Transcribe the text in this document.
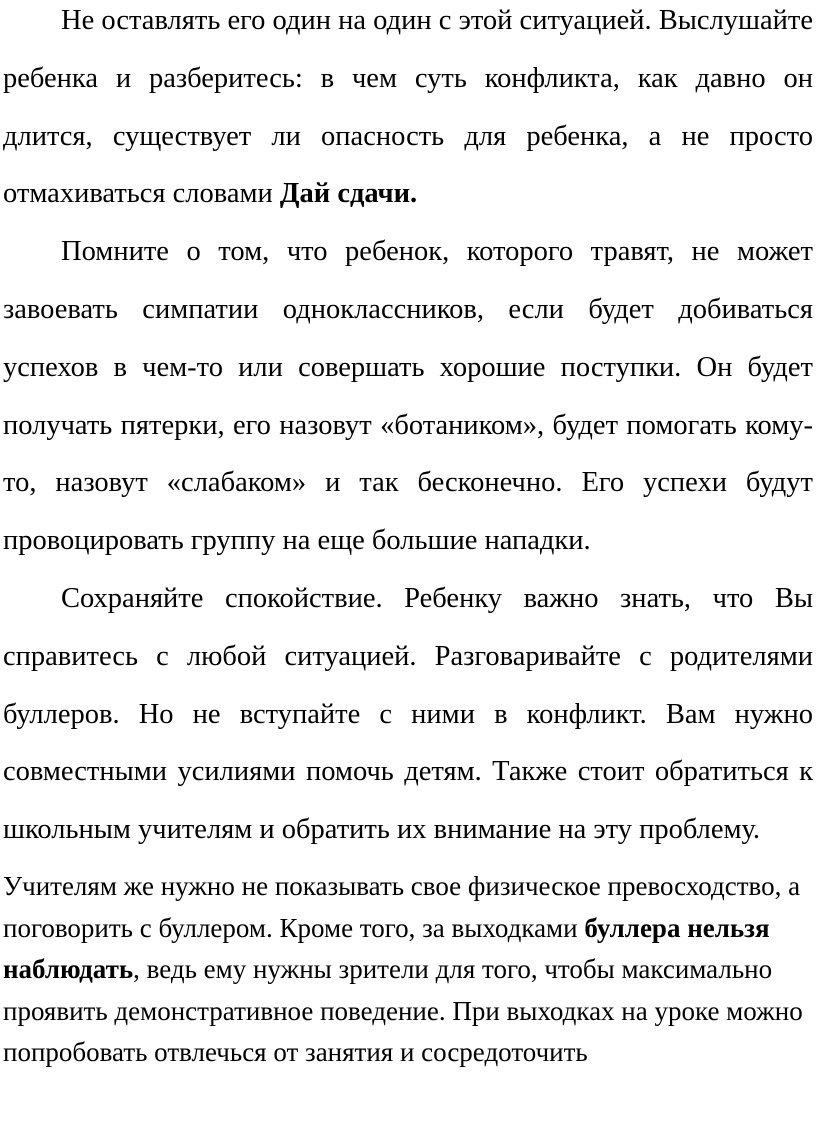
Не оставлять его один на один с этой ситуацией. Выслушайте ребенка и разберитесь: в чем суть конфликта, как давно он длится, существует ли опасность для ребенка, а не просто отмахиваться словами Дай сдачи.

Помните о том, что ребенок, которого травят, не может завоевать симпатии одноклассников, если будет добиваться успехов в чем-то или совершать хорошие поступки. Он будет получать пятерки, его назовут «ботаником», будет помогать кому-то, назовут «слабаком» и так бесконечно. Его успехи будут провоцировать группу на еще большие нападки.

Сохраняйте спокойствие. Ребенку важно знать, что Вы справитесь с любой ситуацией. Разговаривайте с родителями буллеров. Но не вступайте с ними в конфликт. Вам нужно совместными усилиями помочь детям. Также стоит обратиться к школьным учителям и обратить их внимание на эту проблему.

Учителям же нужно не показывать свое физическое превосходство, а поговорить с буллером. Кроме того, за выходками буллера нельзя наблюдать, ведь ему нужны зрители для того, чтобы максимально проявить демонстративное поведение. При выходках на уроке можно попробовать отвлечься от занятия и сосредоточить
